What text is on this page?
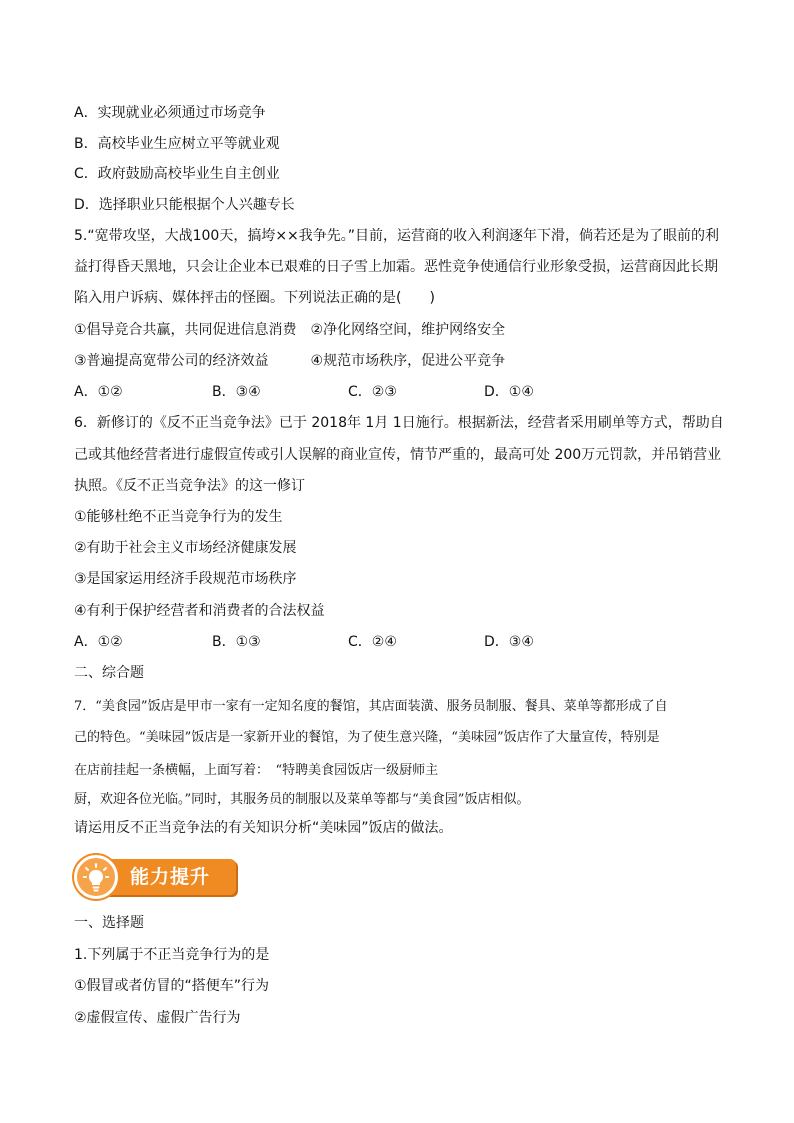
A．实现就业必须通过市场竞争
B．高校毕业生应树立平等就业观
C．政府鼓励高校毕业生自主创业
D．选择职业只能根据个人兴趣专长
5.“宽带攻坚，大战100天，搞垮××我争先。”目前，运营商的收入利润逐年下滑，倘若还是为了眼前的利
益打得昏天黑地，只会让企业本已艰难的日子雪上加霜。恶性竞争使通信行业形象受损，运营商因此长期
陷入用户诉病、媒体抨击的怪圈。下列说法正确的是(　　)
①倡导竞合共赢，共同促进信息消费　②净化网络空间，维护网络安全
③普遍提高宽带公司的经济效益　　　④规范市场秩序，促进公平竞争
A．①②	B．③④	C．②③	D．①④
6．新修订的《反不正当竞争法》已于 2018年 1月 1日施行。根据新法，经营者采用刷单等方式，帮助自
己或其他经营者进行虚假宣传或引人误解的商业宣传，情节严重的，最高可处 200万元罚款，并吊销营业
执照。《反不正当竞争法》的这一修订
①能够杜绝不正当竞争行为的发生
②有助于社会主义市场经济健康发展
③是国家运用经济手段规范市场秩序
④有利于保护经营者和消费者的合法权益
A．①②	B．①③	C．②④	D．③④
二、综合题
7．“美食园”饭店是甲市一家有一定知名度的餐馆，其店面装潢、服务员制服、餐具、菜单等都形成了自
己的特色。“美味园”饭店是一家新开业的餐馆，为了使生意兴隆，“美味园”饭店作了大量宣传，特别是
在店前挂起一条横幅，上面写着：　“特聘美食园饭店一级厨师主
厨，欢迎各位光临。”同时，其服务员的制服以及菜单等都与“美食园”饭店相似。
请运用反不正当竞争法的有关知识分析“美味园”饭店的做法。
能力提升
一、选择题
1.下列属于不正当竞争行为的是
①假冒或者仿冒的“搭便车”行为
②虚假宣传、虚假广告行为
